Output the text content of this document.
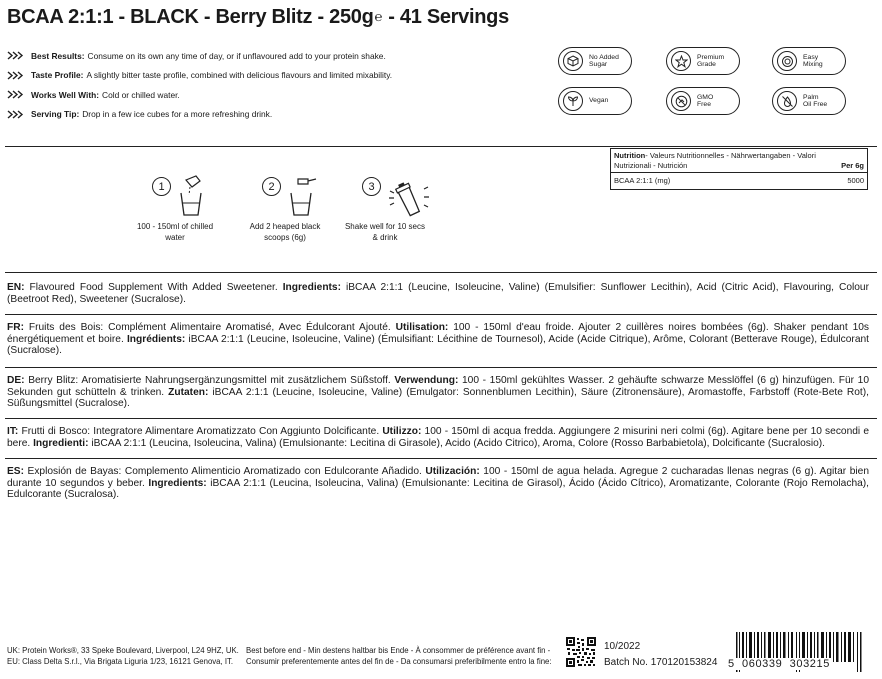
BCAA 2:1:1 - BLACK - Berry Blitz - 250g℮ - 41 Servings
Best Results: Consume on its own any time of day, or if unflavoured add to your protein shake.
Taste Profile: A slightly bitter taste profile, combined with delicious flavours and limited mixability.
Works Well With: Cold or chilled water.
Serving Tip: Drop in a few ice cubes for a more refreshing drink.
No Added
Sugar
Premium
Grade
Easy
Mixing
Vegan	GMO
Free
Palm
Oil Free
1
100 - 150ml of chilled
water
2
Add 2 heaped black
scoops (6g)
3
Shake well for 10 secs
& drink
Nutrition- Valeurs Nutritionnelles - Nährwertangaben - Valori
Nutrizionali - Nutrición	Per 6g
BCAA 2:1:1 (mg)	5000
EN: Flavoured Food Supplement With Added Sweetener. Ingredients: iBCAA 2:1:1 (Leucine, Isoleucine, Valine) (Emulsifier: Sunflower Lecithin), Acid (Citric Acid), Flavouring, Colour (Beetroot Red), Sweetener (Sucralose).
FR: Fruits des Bois: Complément Alimentaire Aromatisé, Avec Édulcorant Ajouté. Utilisation: 100 - 150ml d'eau froide. Ajouter 2 cuillères noires bombées (6g). Shaker pendant 10s énergétiquement et boire. Ingrédients: iBCAA 2:1:1 (Leucine, Isoleucine, Valine) (Émulsifiant: Lécithine de Tournesol), Acide (Acide Citrique), Arôme, Colorant (Betterave Rouge), Édulcorant (Sucralose).
DE: Berry Blitz: Aromatisierte Nahrungsergänzungsmittel mit zusätzlichem Süßstoff. Verwendung: 100 - 150ml gekühltes Wasser. 2 gehäufte schwarze Messlöffel (6 g) hinzufügen. Für 10 Sekunden gut schütteln & trinken. Zutaten: iBCAA 2:1:1 (Leucine, Isoleucine, Valine) (Emulgator: Sonnenblumen Lecithin), Säure (Zitronensäure), Aromastoffe, Farbstoff (Rote-Bete Rot), Süßungsmittel (Sucralose).
IT: Frutti di Bosco: Integratore Alimentare Aromatizzato Con Aggiunto Dolcificante. Utilizzo: 100 - 150ml di acqua fredda. Aggiungere 2 misurini neri colmi (6g). Agitare bene per 10 secondi e bere. Ingredienti: iBCAA 2:1:1 (Leucina, Isoleucina, Valina) (Emulsionante: Lecitina di Girasole), Acido (Acido Citrico), Aroma, Colore (Rosso Barbabietola), Dolcificante (Sucralosio).
ES: Explosión de Bayas: Complemento Alimenticio Aromatizado con Edulcorante Añadido. Utilización: 100 - 150ml de agua helada. Agregue 2 cucharadas llenas negras (6 g). Agitar bien durante 10 segundos y beber. Ingredients: iBCAA 2:1:1 (Leucina, Isoleucina, Valina) (Emulsionante: Lecitina de Girasol), Ácido (Ácido Cítrico), Aromatizante, Colorante (Rojo Remolacha), Edulcorante (Sucralosa).
UK: Protein Works®, 33 Speke Boulevard, Liverpool, L24 9HZ, UK.
EU: Class Delta S.r.l., Via Brigata Liguria 1/23, 16121 Genova, IT.
Best before end - Min destens haltbar bis Ende - À consommer de préférence avant fin -
Consumir preferentemente antes del fin de - Da consumarsi preferibilmente entro la fine:
10/2022
Batch No. 170120153824 5  060339  303215
